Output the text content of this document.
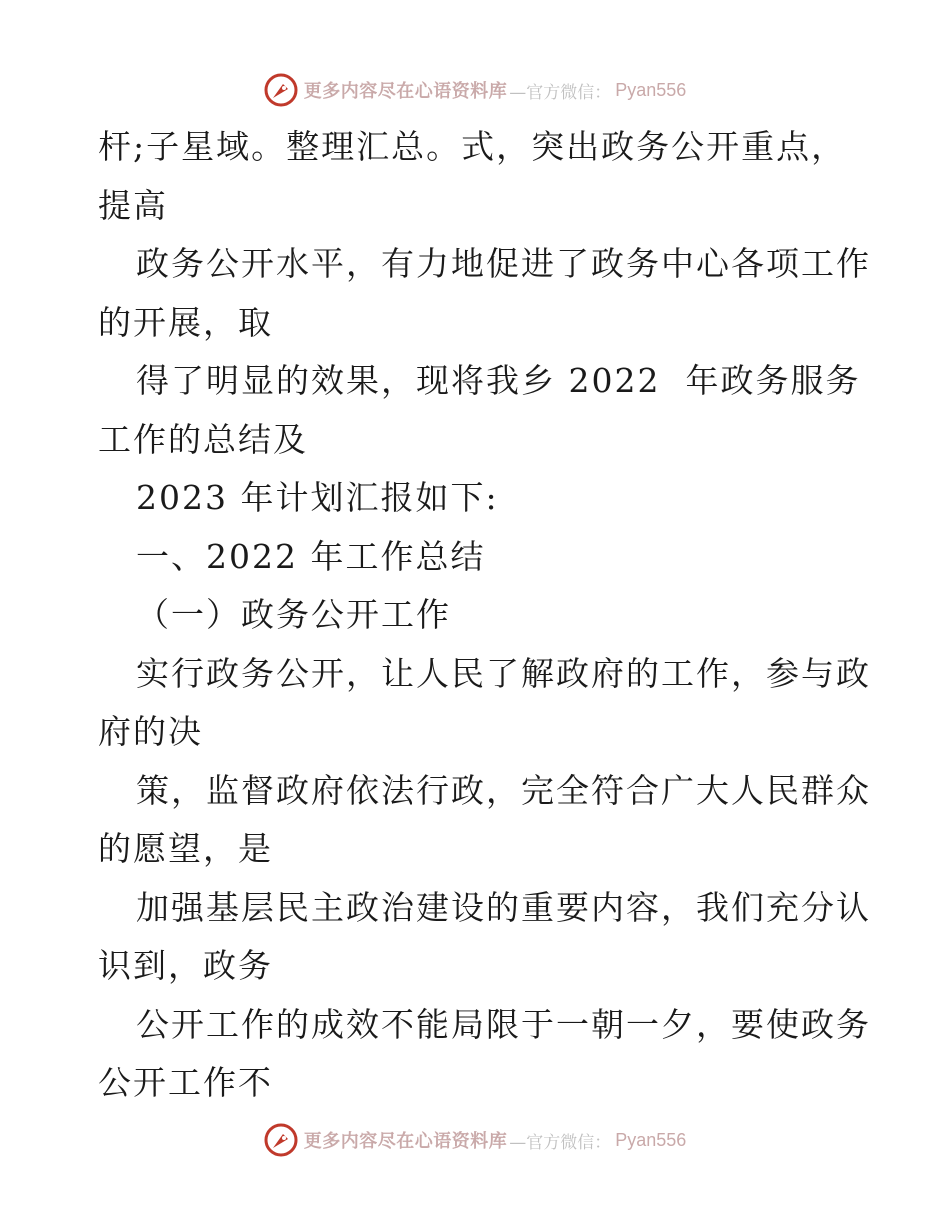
更多内容尽在心语资料库 —官方微信： Pyan556
杆;子星域。整理汇总。式，突出政务公开重点，
提高
政务公开水平，有力地促进了政务中心各项工作
的开展，取
得了明显的效果，现将我乡 2022  年政务服务
工作的总结及
2023 年计划汇报如下:
一、2022 年工作总结
（一）政务公开工作
实行政务公开，让人民了解政府的工作，参与政
府的决
策，监督政府依法行政，完全符合广大人民群众
的愿望，是
加强基层民主政治建设的重要内容，我们充分认
识到，政务
公开工作的成效不能局限于一朝一夕，要使政务
公开工作不
更多内容尽在心语资料库 —官方微信： Pyan556
